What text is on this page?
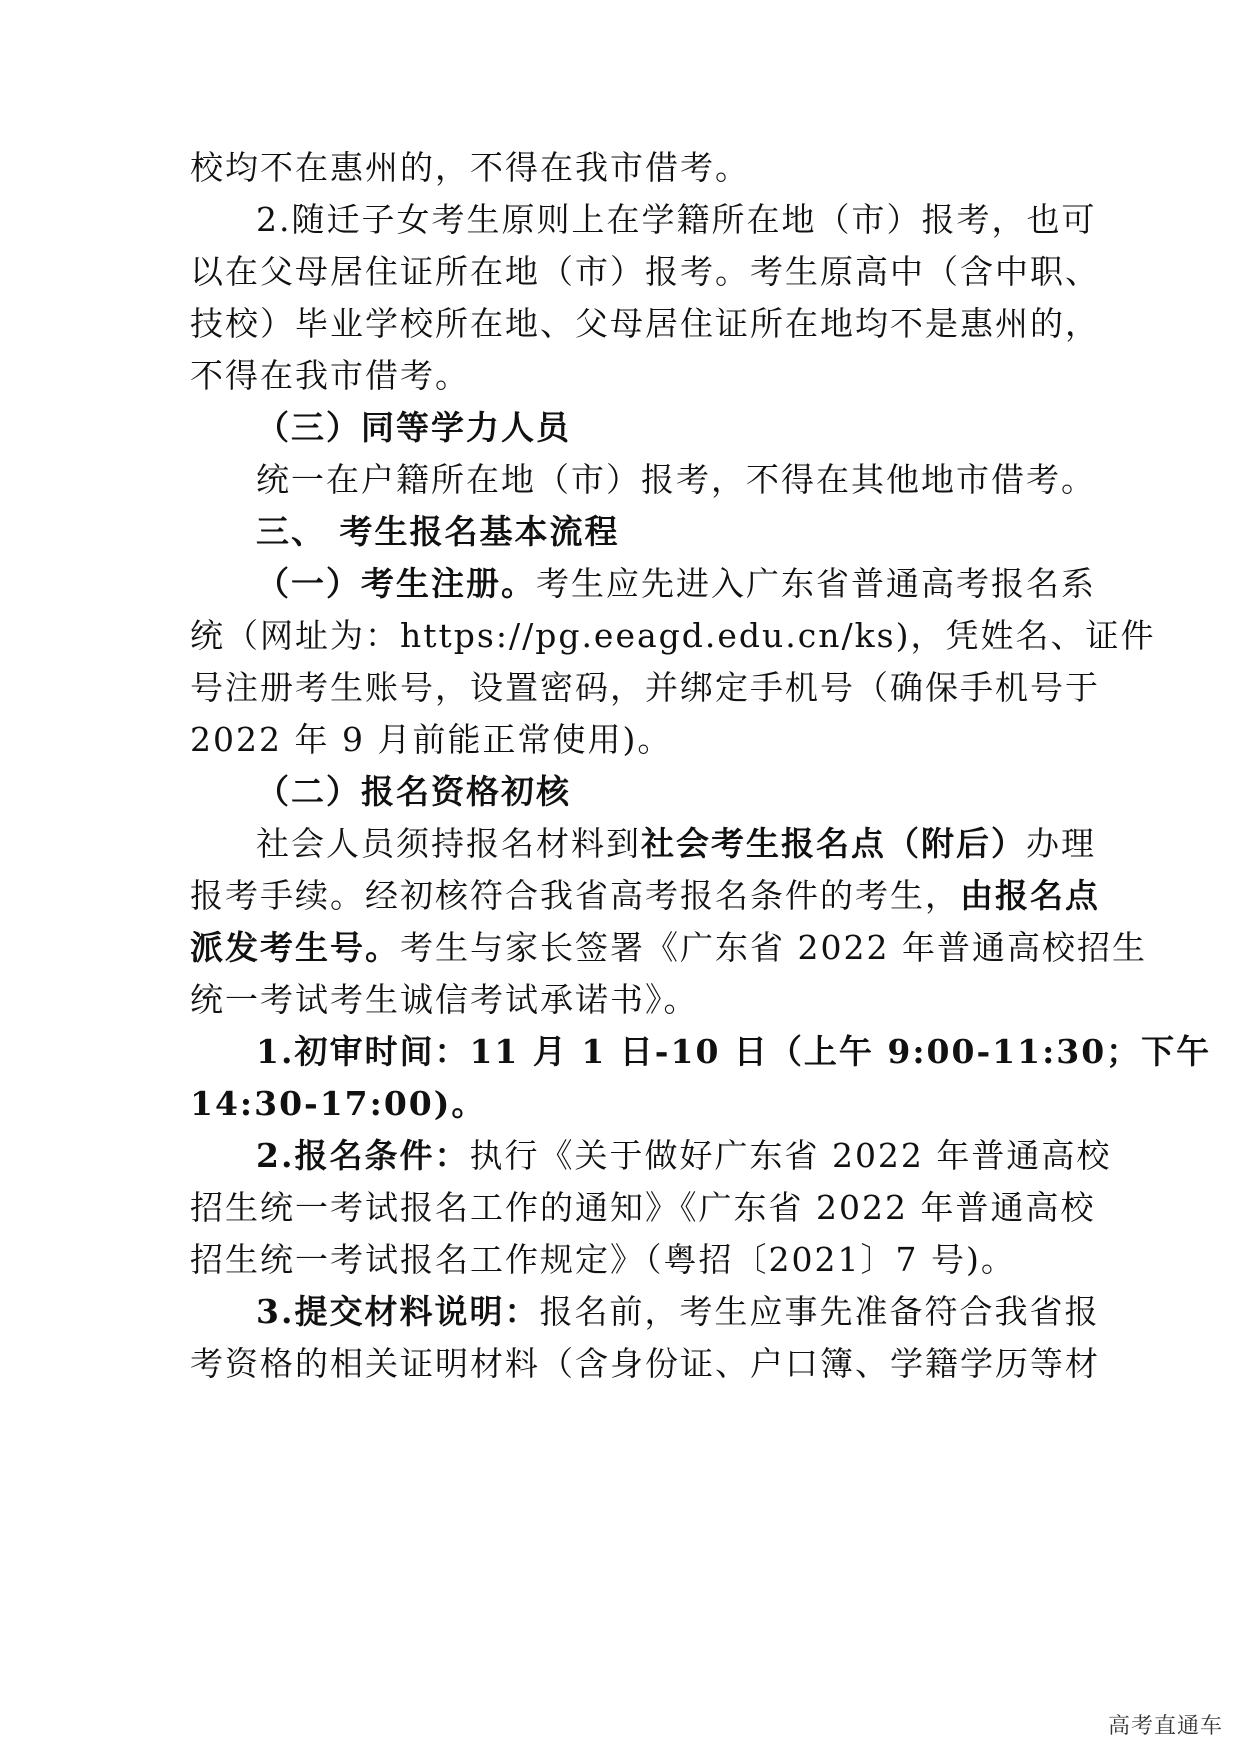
校均不在惠州的，不得在我市借考。

2.随迁子女考生原则上在学籍所在地（市）报考，也可

以在父母居住证所在地（市）报考。考生原高中（含中职、

技校）毕业学校所在地、父母居住证所在地均不是惠州的，

不得在我市借考。

（三）同等学力人员

统一在户籍所在地（市）报考，不得在其他地市借考。

三、 考生报名基本流程

（一）考生注册。考生应先进入广东省普通高考报名系

统（网址为：https://pg.eeagd.edu.cn/ks)，凭姓名、证件

号注册考生账号，设置密码，并绑定手机号（确保手机号于

2022 年 9 月前能正常使用)。

（二）报名资格初核

社会人员须持报名材料到社会考生报名点（附后）办理

报考手续。经初核符合我省高考报名条件的考生，由报名点

派发考生号。考生与家长签署《广东省 2022 年普通高校招生

统一考试考生诚信考试承诺书》。

1.初审时间：11 月 1 日-10 日（上午 9:00-11:30；下午

14:30-17:00)。

2.报名条件：执行《关于做好广东省 2022 年普通高校

招生统一考试报名工作的通知》《广东省 2022 年普通高校

招生统一考试报名工作规定》（粤招〔2021〕7 号)。

3.提交材料说明：报名前，考生应事先准备符合我省报

考资格的相关证明材料（含身份证、户口簿、学籍学历等材

高考直通车
